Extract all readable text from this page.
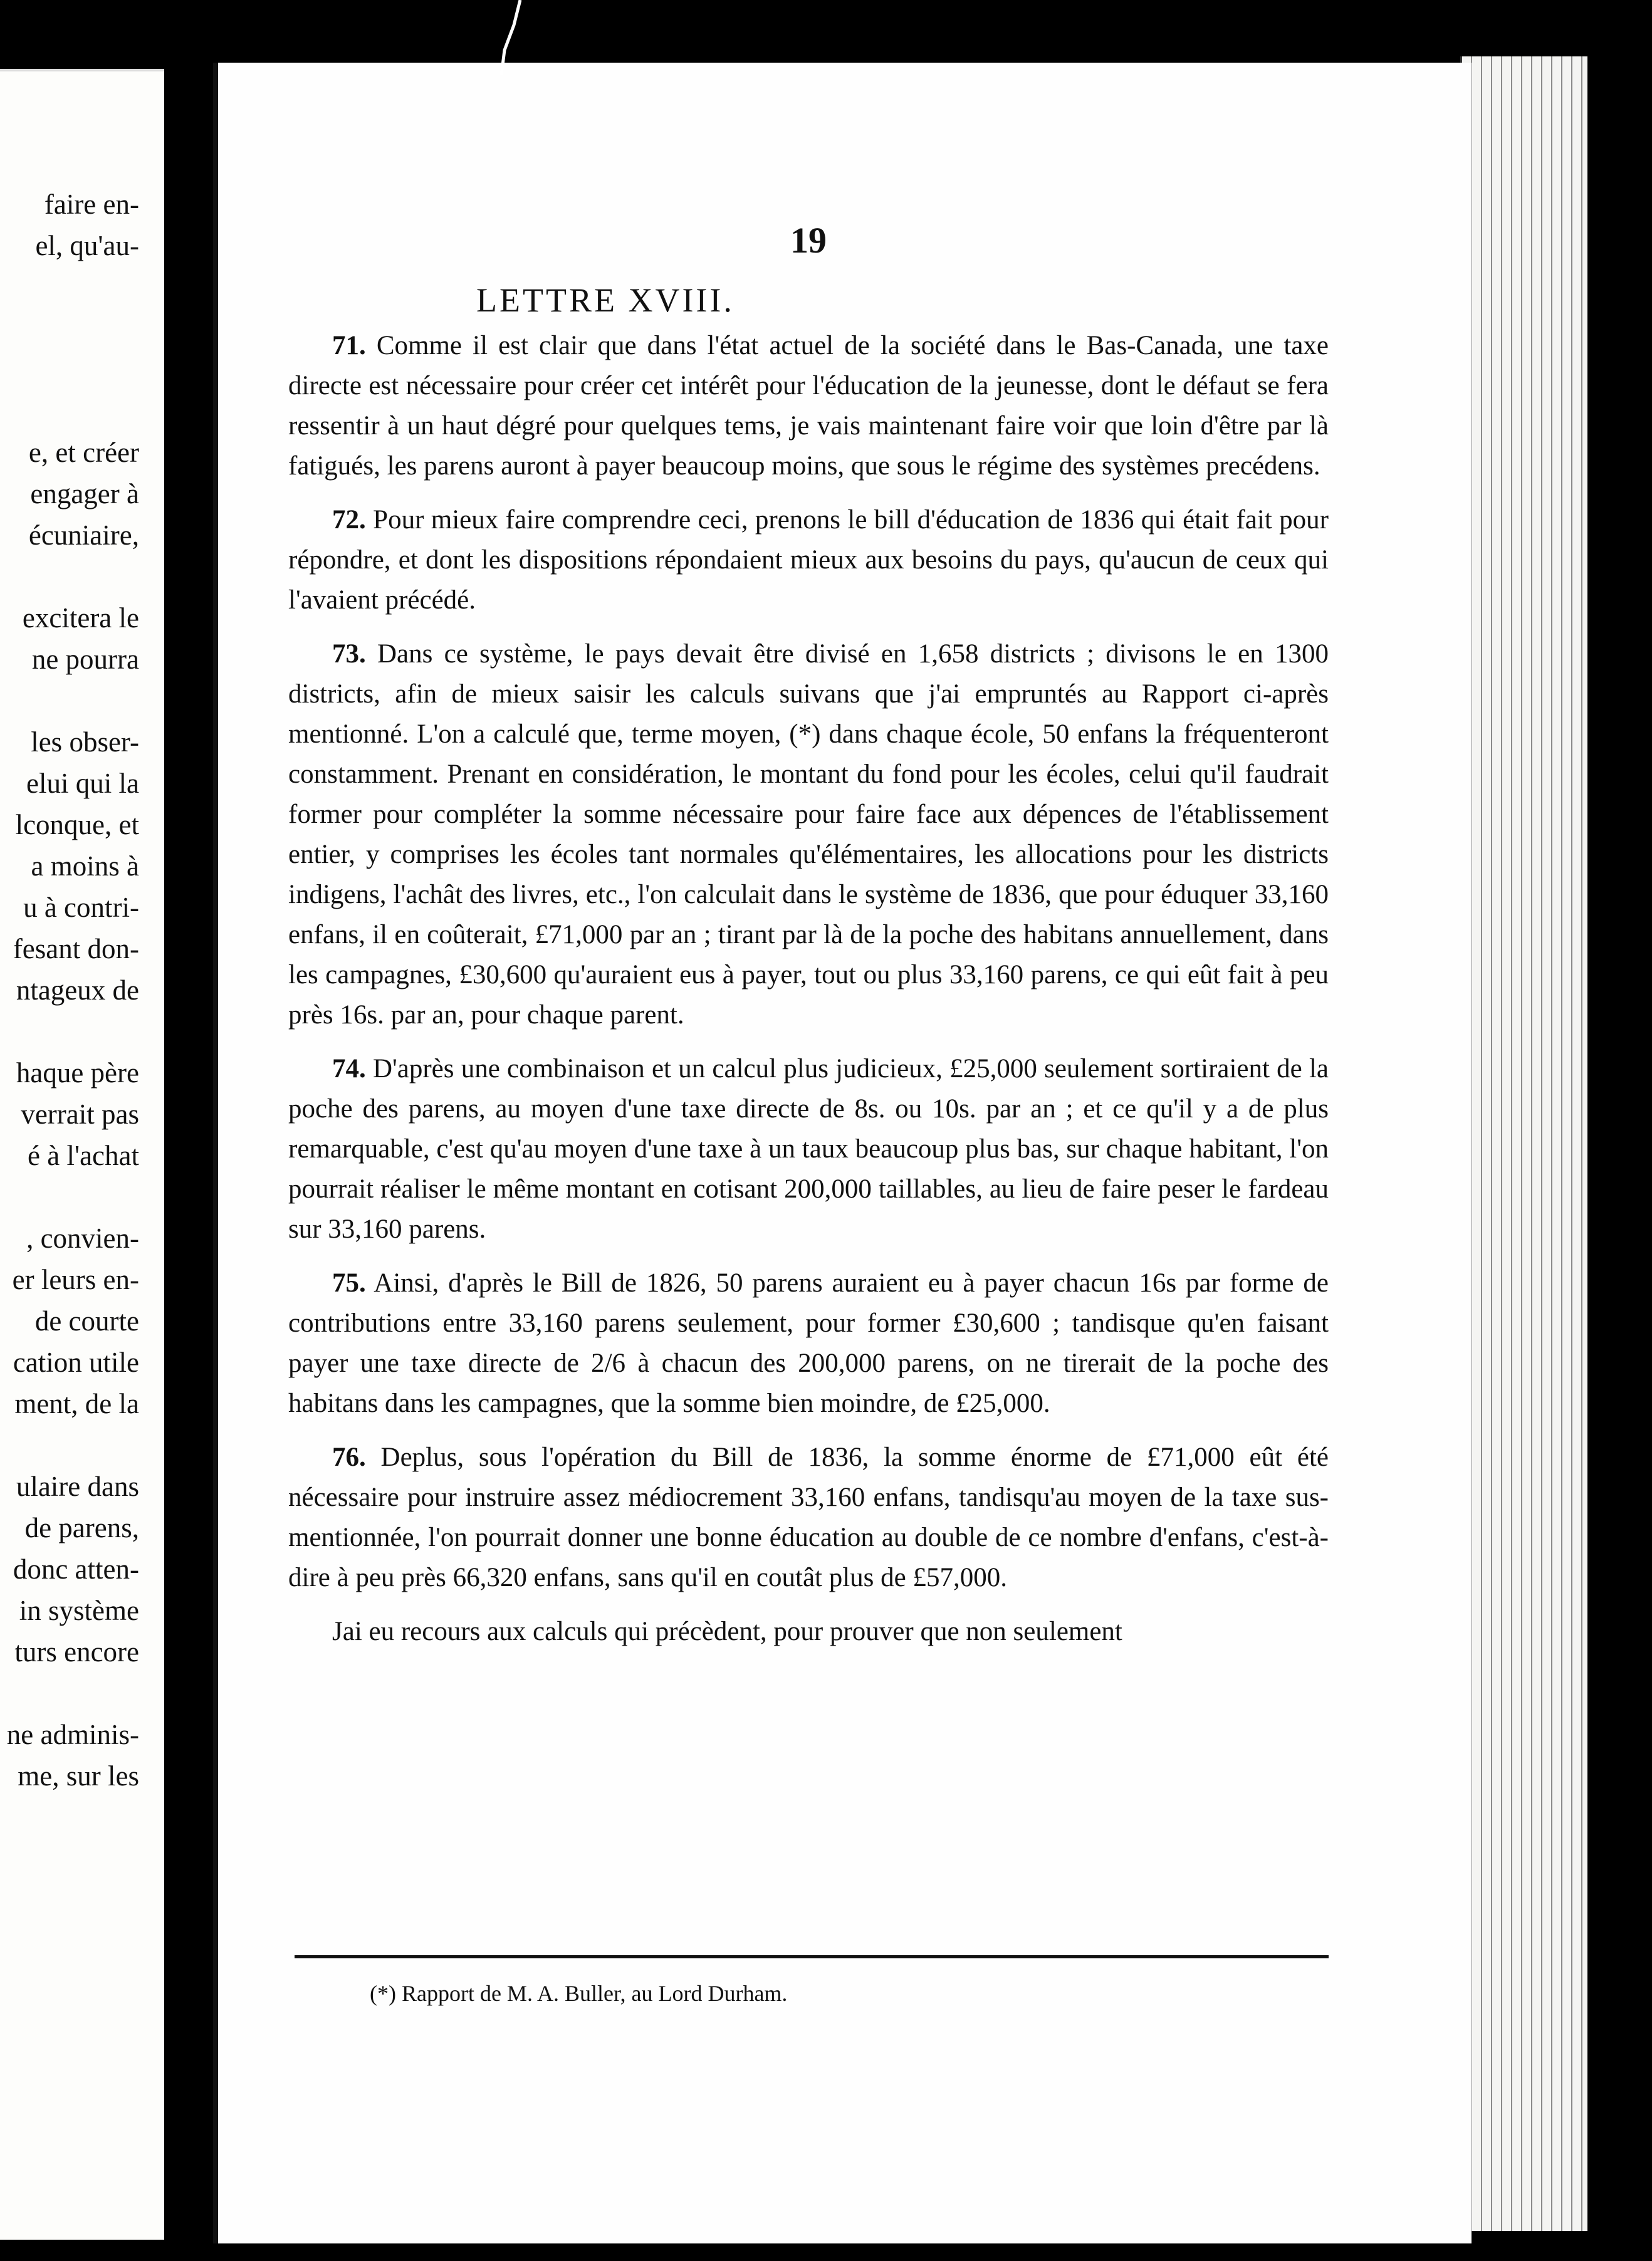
faire en-
el, qu'au-
e, et créer
engager à
écuniaire,
excitera le
ne pourra
les obser-
elui qui la
lconque, et
a moins à
u à contri-
fesant don-
ntageux de
haque père
verrait pas
é à l'achat
, convien-
er leurs en-
de courte
cation utile
ment, de la
ulaire dans
de parens,
donc atten-
in système
turs encore
ne adminis-
me, sur les
19
LETTRE XVIII.

71. Comme il est clair que dans l'état actuel de la société dans le Bas-Canada, une taxe directe est nécessaire pour créer cet intérêt pour l'éducation de la jeunesse, dont le défaut se fera ressentir à un haut dégré pour quelques tems, je vais maintenant faire voir que loin d'être par là fatigués, les parens auront à payer beaucoup moins, que sous le régime des systèmes precédens.

72. Pour mieux faire comprendre ceci, prenons le bill d'éducation de 1836 qui était fait pour répondre, et dont les dispositions répondaient mieux aux besoins du pays, qu'aucun de ceux qui l'avaient précédé.

73. Dans ce système, le pays devait être divisé en 1,658 districts ; divisons le en 1300 districts, afin de mieux saisir les calculs suivans que j'ai empruntés au Rapport ci-après mentionné. L'on a calculé que, terme moyen, (*) dans chaque école, 50 enfans la fréquenteront constamment. Prenant en considération, le montant du fond pour les écoles, celui qu'il faudrait former pour compléter la somme nécessaire pour faire face aux dépences de l'établissement entier, y comprises les écoles tant normales qu'élémentaires, les allocations pour les districts indigens, l'achât des livres, etc., l'on calculait dans le système de 1836, que pour éduquer 33,160 enfans, il en coûterait, £71,000 par an ; tirant par là de la poche des habitans annuellement, dans les campagnes, £30,600 qu'auraient eus à payer, tout ou plus 33,160 parens, ce qui eût fait à peu près 16s. par an, pour chaque parent.

74. D'après une combinaison et un calcul plus judicieux, £25,000 seulement sortiraient de la poche des parens, au moyen d'une taxe directe de 8s. ou 10s. par an ; et ce qu'il y a de plus remarquable, c'est qu'au moyen d'une taxe à un taux beaucoup plus bas, sur chaque habitant, l'on pourrait réaliser le même montant en cotisant 200,000 taillables, au lieu de faire peser le fardeau sur 33,160 parens.

75. Ainsi, d'après le Bill de 1826, 50 parens auraient eu à payer chacun 16s par forme de contributions entre 33,160 parens seulement, pour former £30,600 ; tandisque qu'en faisant payer une taxe directe de 2/6 à chacun des 200,000 parens, on ne tirerait de la poche des habitans dans les campagnes, que la somme bien moindre, de £25,000.

76. Deplus, sous l'opération du Bill de 1836, la somme énorme de £71,000 eût été nécessaire pour instruire assez médiocrement 33,160 enfans, tandisqu'au moyen de la taxe sus-mentionnée, l'on pourrait donner une bonne éducation au double de ce nombre d'enfans, c'est-à-dire à peu près 66,320 enfans, sans qu'il en coutât plus de £57,000.

Jai eu recours aux calculs qui précèdent, pour prouver que non seulement

(*) Rapport de M. A. Buller, au Lord Durham.
